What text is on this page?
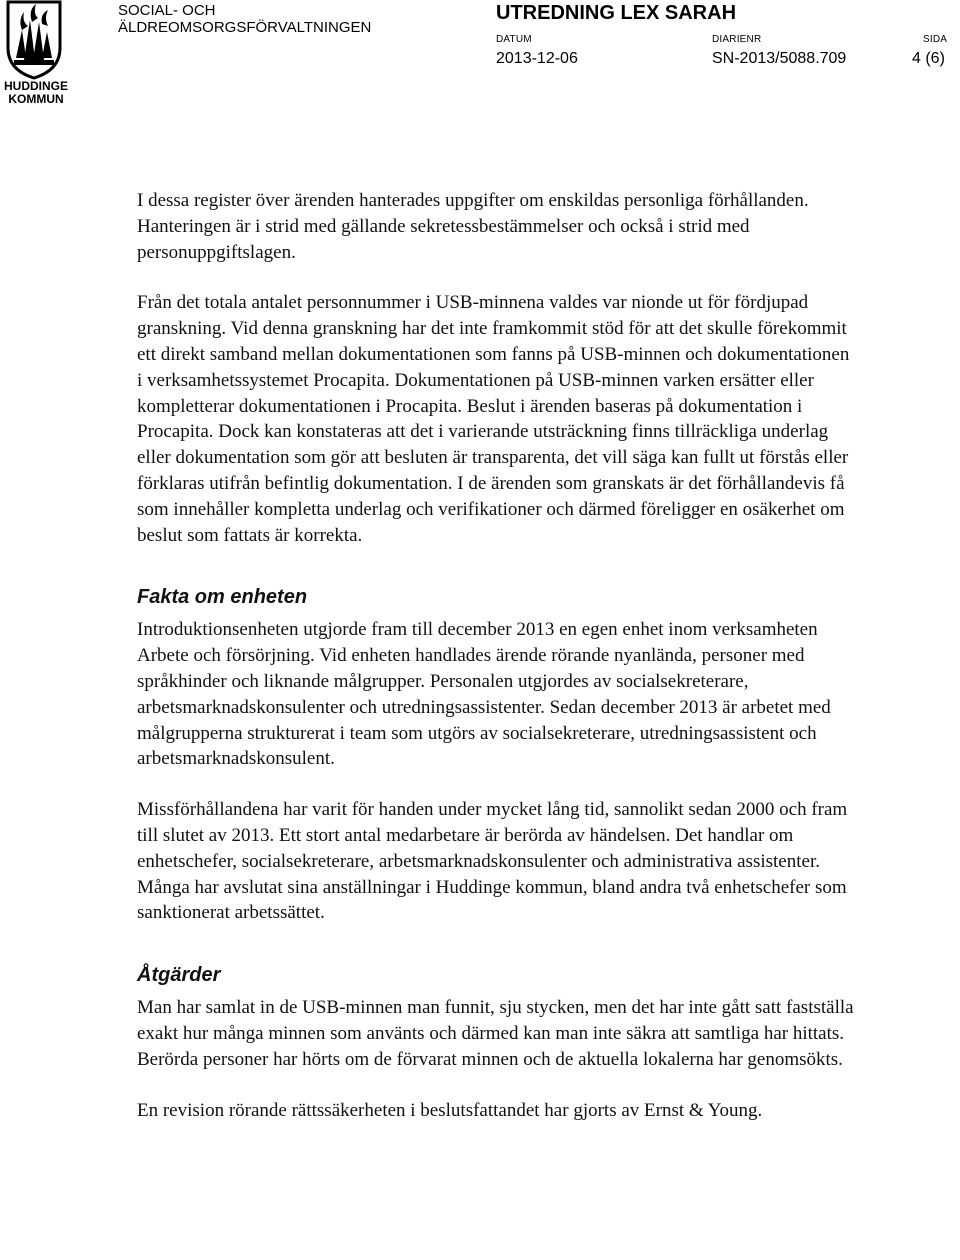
HUDDINGE
KOMMUN
SOCIAL- OCH
ÄLDREOMSORGSFÖRVALTNINGEN
UTREDNING LEX SARAH
DATUM
2013-12-06
DIARIENR
SN-2013/5088.709
SIDA
4 (6)

I dessa register över ärenden hanterades uppgifter om enskildas personliga förhållanden. Hanteringen är i strid med gällande sekretessbestämmelser och också i strid med personuppgiftslagen.

Från det totala antalet personnummer i USB-minnena valdes var nionde ut för fördjupad granskning. Vid denna granskning har det inte framkommit stöd för att det skulle förekommit ett direkt samband mellan dokumentationen som fanns på USB-minnen och dokumentationen i verksamhetssystemet Procapita. Dokumentationen på USB-minnen varken ersätter eller kompletterar dokumentationen i Procapita. Beslut i ärenden baseras på dokumentation i Procapita. Dock kan konstateras att det i varierande utsträckning finns tillräckliga underlag eller dokumentation som gör att besluten är transparenta, det vill säga kan fullt ut förstås eller förklaras utifrån befintlig dokumentation. I de ärenden som granskats är det förhållandevis få som innehåller kompletta underlag och verifikationer och därmed föreligger en osäkerhet om beslut som fattats är korrekta.

Fakta om enheten

Introduktionsenheten utgjorde fram till december 2013 en egen enhet inom verksamheten Arbete och försörjning. Vid enheten handlades ärende rörande nyanlända, personer med språkhinder och liknande målgrupper. Personalen utgjordes av socialsekreterare, arbetsmarknadskonsulenter och utredningsassistenter. Sedan december 2013 är arbetet med målgrupperna strukturerat i team som utgörs av socialsekreterare, utredningsassistent och arbetsmarknadskonsulent.

Missförhållandena har varit för handen under mycket lång tid, sannolikt sedan 2000 och fram till slutet av 2013. Ett stort antal medarbetare är berörda av händelsen. Det handlar om enhetschefer, socialsekreterare, arbetsmarknadskonsulenter och administrativa assistenter. Många har avslutat sina anställningar i Huddinge kommun, bland andra två enhetschefer som sanktionerat arbetssättet.

Åtgärder

Man har samlat in de USB-minnen man funnit, sju stycken, men det har inte gått satt fastställa exakt hur många minnen som använts och därmed kan man inte säkra att samtliga har hittats. Berörda personer har hörts om de förvarat minnen och de aktuella lokalerna har genomsökts.

En revision rörande rättssäkerheten i beslutsfattandet har gjorts av Ernst & Young.
